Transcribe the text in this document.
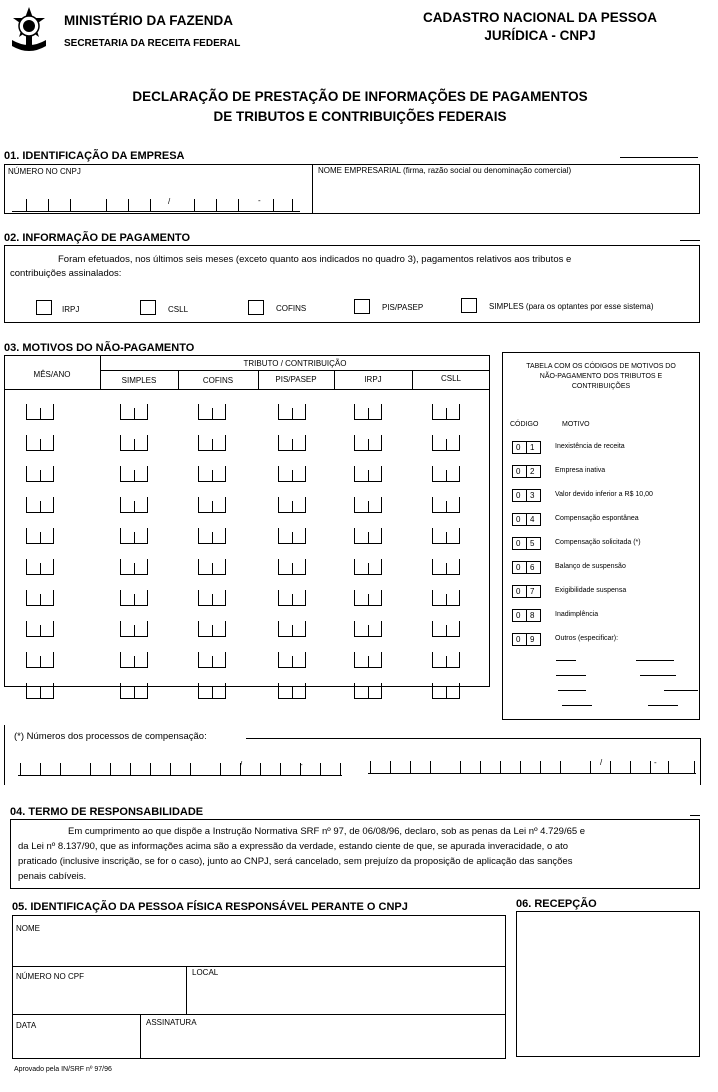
MINISTÉRIO DA FAZENDA
SECRETARIA DA RECEITA FEDERAL
CADASTRO NACIONAL DA PESSOA
JURÍDICA - CNPJ
DECLARAÇÃO DE PRESTAÇÃO DE INFORMAÇÕES DE PAGAMENTOS
DE TRIBUTOS E CONTRIBUIÇÕES FEDERAIS
01. IDENTIFICAÇÃO DA EMPRESA
NÚMERO NO CNPJ	NOME EMPRESARIAL (firma, razão social ou denominação comercial)
/	-
02. INFORMAÇÃO DE PAGAMENTO
Foram efetuados, nos últimos seis meses (exceto quanto aos indicados no quadro 3), pagamentos relativos aos tributos e
contribuições assinalados:
IRPJ	CSLL	COFINS	PIS/PASEP	SIMPLES (para os optantes por esse sistema)
03. MOTIVOS DO NÃO-PAGAMENTO
TRIBUTO / CONTRIBUIÇÃO
MÊS/ANO
SIMPLES	COFINS	PIS/PASEP	IRPJ	CSLL
TABELA COM OS CÓDIGOS DE MOTIVOS DO
NÃO-PAGAMENTO DOS TRIBUTOS E
CONTRIBUIÇÕES
CÓDIGO	MOTIVO
0 1	Inexistência de receita
0 2	Empresa inativa
0 3	Valor devido inferior a R$ 10,00
0 4	Compensação espontânea
0 5	Compensação solicitada (*)
0 6	Balanço de suspensão
0 7	Exigibilidade suspensa
0 8	Inadimplência
0 9	Outros (especificar):
(*) Números dos processos de compensação:
/	-	/	-
04. TERMO DE RESPONSABILIDADE
Em cumprimento ao que dispõe a Instrução Normativa SRF nº 97, de 06/08/96, declaro, sob as penas da Lei nº 4.729/65 e
da Lei nº 8.137/90, que as informações acima são a expressão da verdade, estando ciente de que, se apurada inveracidade, o ato
praticado (inclusive inscrição, se for o caso), junto ao CNPJ, será cancelado, sem prejuízo da proposição de aplicação das sanções
penais cabíveis.
05. IDENTIFICAÇÃO DA PESSOA FÍSICA RESPONSÁVEL PERANTE O CNPJ
NOME
NÚMERO NO CPF	LOCAL
DATA	ASSINATURA
06. RECEPÇÃO
Aprovado pela IN/SRF nº 97/96
